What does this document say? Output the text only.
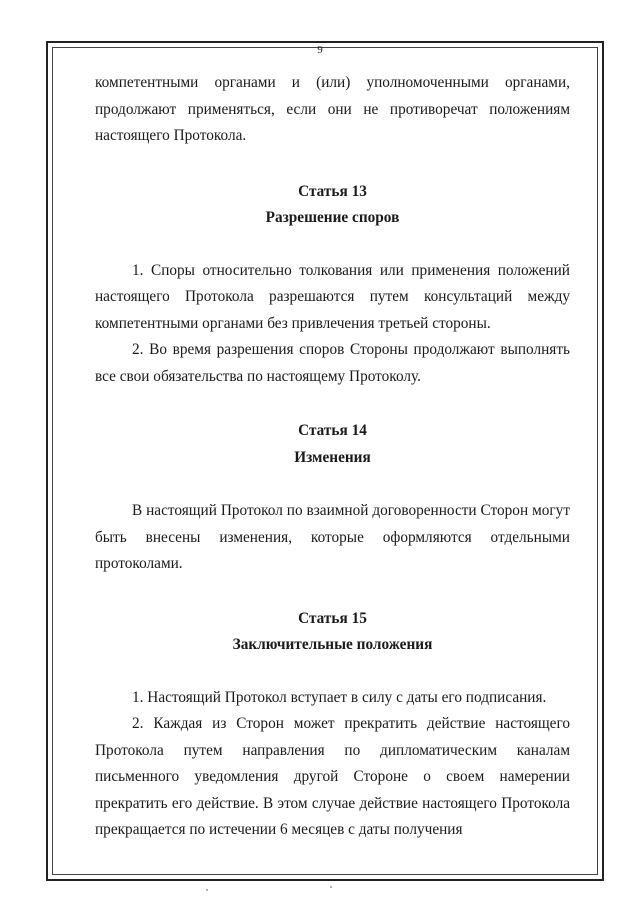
9

компетентными органами и (или) уполномоченными органами,

продолжают применяться, если они не противоречат положениям

настоящего Протокола.

Статья 13

Разрешение споров

1. Споры относительно толкования или применения положений настоящего Протокола разрешаются путем консультаций между компетентными органами без привлечения третьей стороны.

2. Во время разрешения споров Стороны продолжают выполнять все свои обязательства по настоящему Протоколу.

Статья 14

Изменения

В настоящий Протокол по взаимной договоренности Сторон могут быть внесены изменения, которые оформляются отдельными протоколами.

Статья 15

Заключительные положения

1. Настоящий Протокол вступает в силу с даты его подписания.

2. Каждая из Сторон может прекратить действие настоящего Протокола путем направления по дипломатическим каналам письменного уведомления другой Стороне о своем намерении прекратить его действие. В этом случае действие настоящего Протокола прекращается по истечении 6 месяцев с даты получения
